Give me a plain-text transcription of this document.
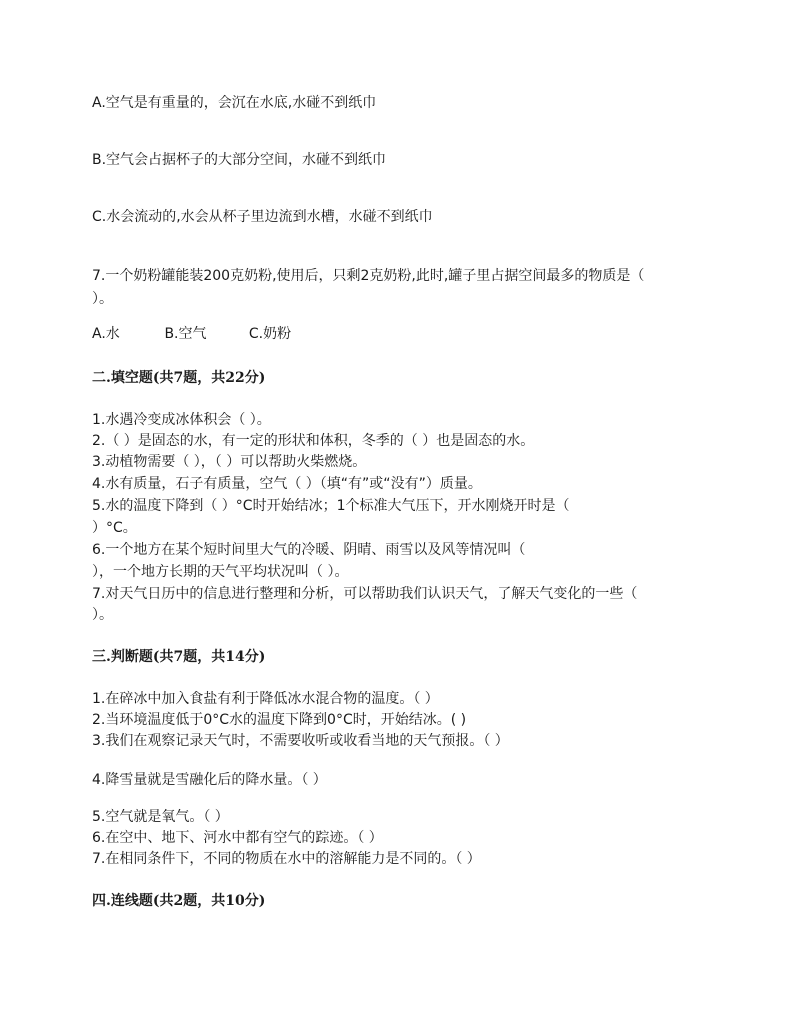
A.空气是有重量的，会沉在水底,水碰不到纸巾
B.空气会占据杯子的大部分空间，水碰不到纸巾
C.水会流动的,水会从杯子里边流到水槽，水碰不到纸巾
7.一个奶粉罐能装200克奶粉,使用后，只剩2克奶粉,此时,罐子里占据空间最多的物质是（
）。
A.水	B.空气	C.奶粉
二.填空题(共7题，共22分)
1.水遇冷变成冰体积会（ ）。
2.（ ）是固态的水，有一定的形状和体积，冬季的（ ）也是固态的水。
3.动植物需要（ ），（ ）可以帮助火柴燃烧。
4.水有质量，石子有质量，空气（ ）（填“有”或“没有”）质量。
5.水的温度下降到（ ）°C时开始结冰；1个标准大气压下，开水刚烧开时是（
）°C。
6.一个地方在某个短时间里大气的冷暖、阴晴、雨雪以及风等情况叫（
），一个地方长期的天气平均状况叫（ ）。
7.对天气日历中的信息进行整理和分析，可以帮助我们认识天气，了解天气变化的一些（
）。
三.判断题(共7题，共14分)
1.在碎冰中加入食盐有利于降低冰水混合物的温度。（ ）
2.当环境温度低于0°C水的温度下降到0°C时，开始结冰。( )
3.我们在观察记录天气时，不需要收听或收看当地的天气预报。（ ）
4.降雪量就是雪融化后的降水量。（ ）
5.空气就是氧气。（ ）
6.在空中、地下、河水中都有空气的踪迹。（ ）
7.在相同条件下，不同的物质在水中的溶解能力是不同的。（ ）
四.连线题(共2题，共10分)
